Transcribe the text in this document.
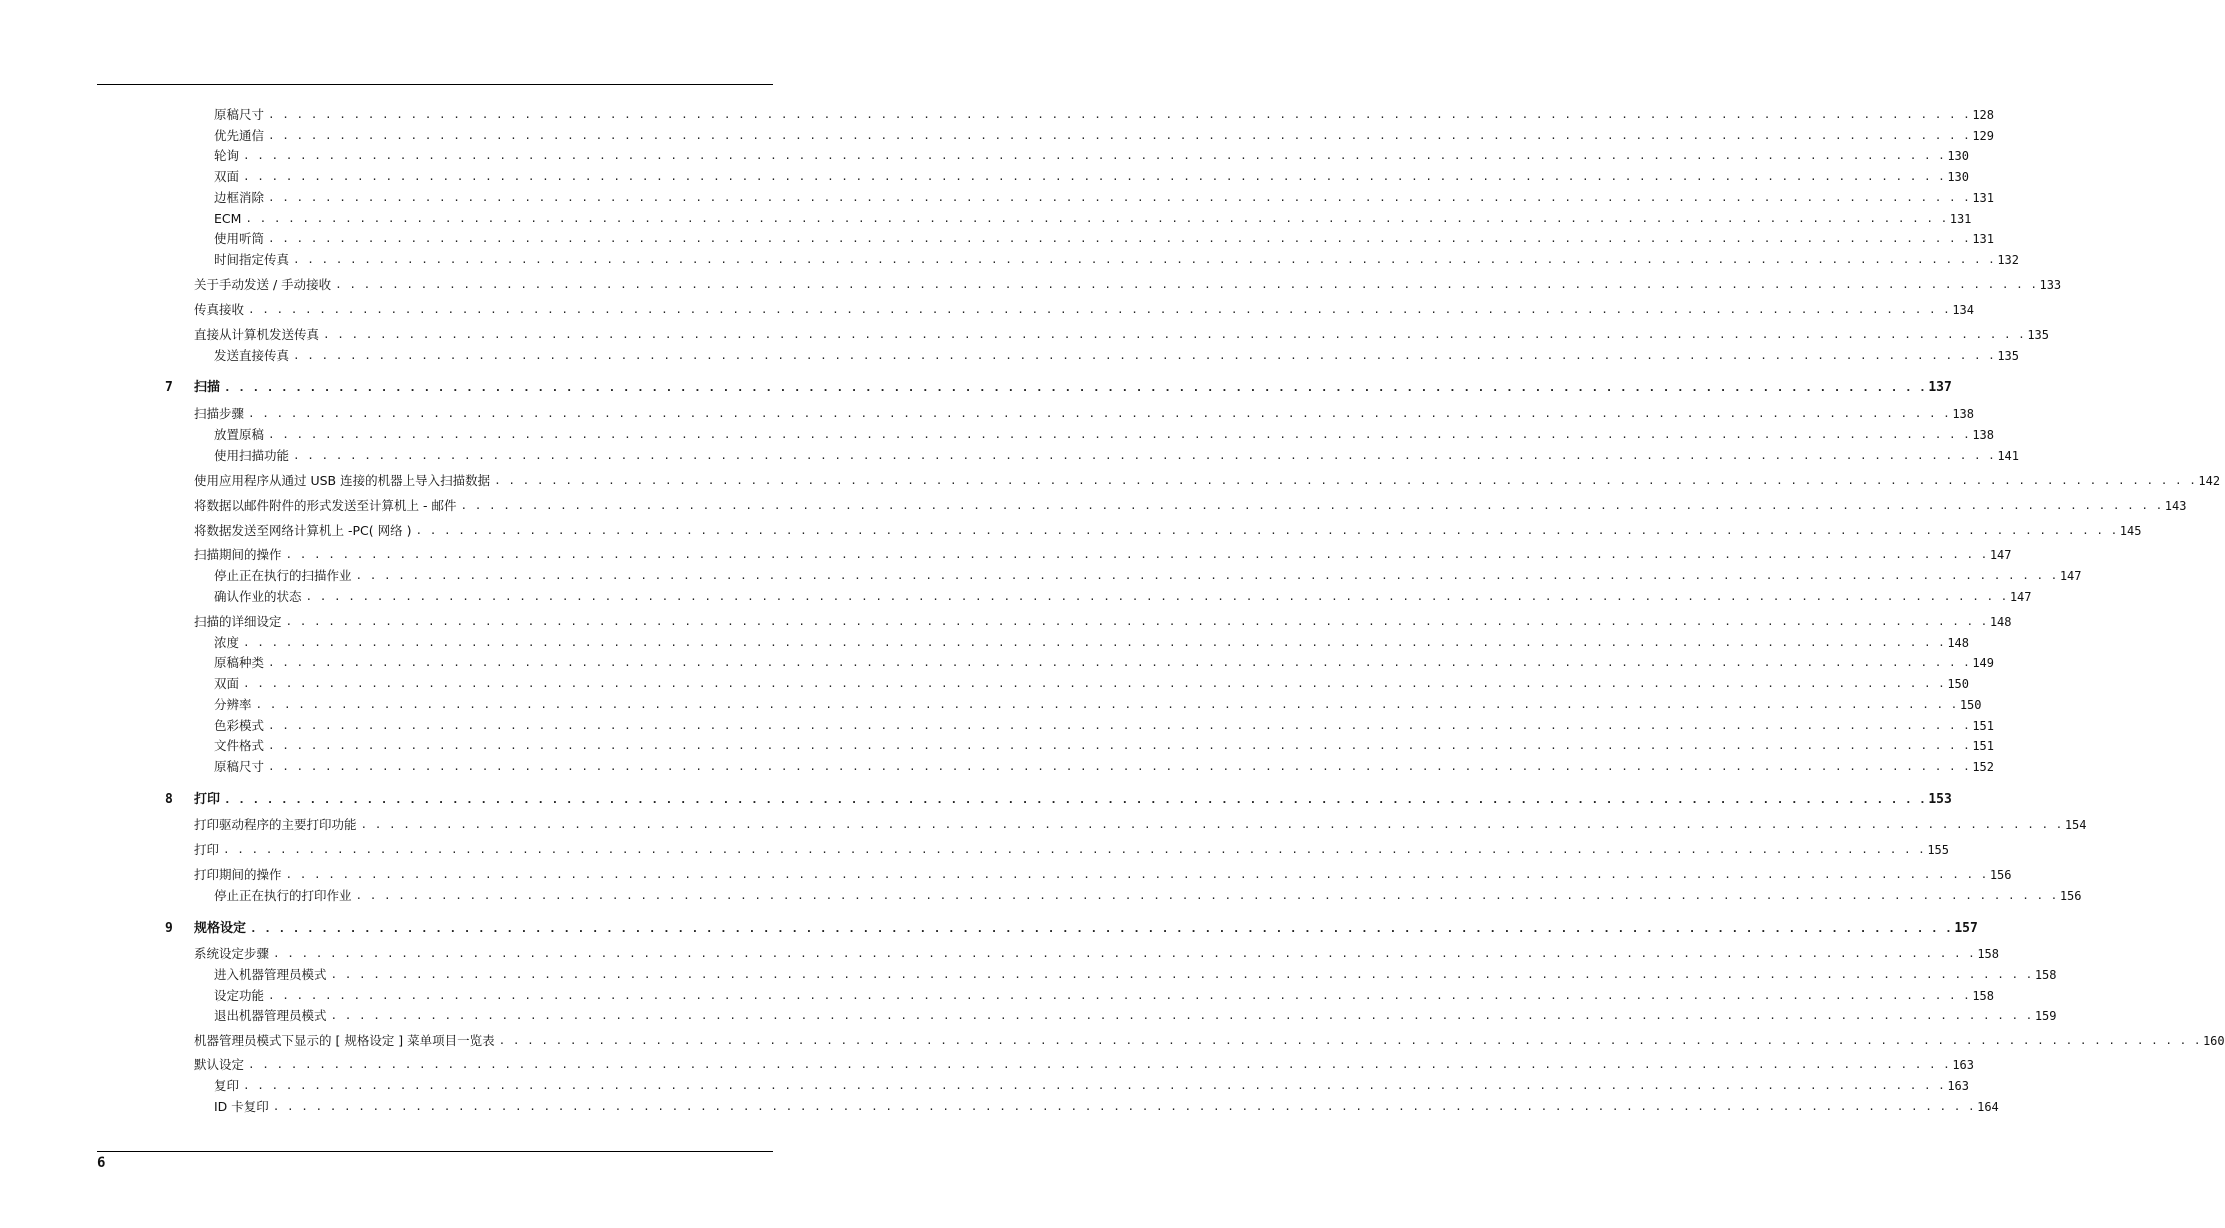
原稿尺寸 . . . . . . . . . . . . . . . . . . . . . . . . . . . . . . . . . . . . . . . . . . . . . . . . . . . . . . . . . . . . . . . . . . . . . . . . . . . . . . . . . . . . . . . . . . . . . . . . . . . . . . . . . . . . . . . . . . . . . . . . 128
优先通信 . . . . . . . . . . . . . . . . . . . . . . . . . . . . . . . . . . . . . . . . . . . . . . . . . . . . . . . . . . . . . . . . . . . . . . . . . . . . . . . . . . . . . . . . . . . . . . . . . . . . . . . . . . . . . . . . . . . . . . . . 129
轮询 . . . . . . . . . . . . . . . . . . . . . . . . . . . . . . . . . . . . . . . . . . . . . . . . . . . . . . . . . . . . . . . . . . . . . . . . . . . . . . . . . . . . . . . . . . . . . . . . . . . . . . . . . . . . . . . . . . . . . . . . 130
双面 . . . . . . . . . . . . . . . . . . . . . . . . . . . . . . . . . . . . . . . . . . . . . . . . . . . . . . . . . . . . . . . . . . . . . . . . . . . . . . . . . . . . . . . . . . . . . . . . . . . . . . . . . . . . . . . . . . . . . . . . 130
边框消除 . . . . . . . . . . . . . . . . . . . . . . . . . . . . . . . . . . . . . . . . . . . . . . . . . . . . . . . . . . . . . . . . . . . . . . . . . . . . . . . . . . . . . . . . . . . . . . . . . . . . . . . . . . . . . . . . . . . . . . . . 131
ECM . . . . . . . . . . . . . . . . . . . . . . . . . . . . . . . . . . . . . . . . . . . . . . . . . . . . . . . . . . . . . . . . . . . . . . . . . . . . . . . . . . . . . . . . . . . . . . . . . . . . . . . . . . . . . . . . . . . . . . . . 131
使用听筒 . . . . . . . . . . . . . . . . . . . . . . . . . . . . . . . . . . . . . . . . . . . . . . . . . . . . . . . . . . . . . . . . . . . . . . . . . . . . . . . . . . . . . . . . . . . . . . . . . . . . . . . . . . . . . . . . . . . . . . . . 131
时间指定传真 . . . . . . . . . . . . . . . . . . . . . . . . . . . . . . . . . . . . . . . . . . . . . . . . . . . . . . . . . . . . . . . . . . . . . . . . . . . . . . . . . . . . . . . . . . . . . . . . . . . . . . . . . . . . . . . . . . . . . . . . 132
关于手动发送 / 手动接收 . . . . . . . . . . . . . . . . . . . . . . . . . . . . . . . . . . . . . . . . . . . . . . . . . . . . . . . . . . . . . . . . . . . . . . . . . . . . . . . . . . . . . . . . . . . . . . . . . . . . . . . . . . . . . . . . . . . . . . . . 133
传真接收 . . . . . . . . . . . . . . . . . . . . . . . . . . . . . . . . . . . . . . . . . . . . . . . . . . . . . . . . . . . . . . . . . . . . . . . . . . . . . . . . . . . . . . . . . . . . . . . . . . . . . . . . . . . . . . . . . . . . . . . . 134
直接从计算机发送传真 . . . . . . . . . . . . . . . . . . . . . . . . . . . . . . . . . . . . . . . . . . . . . . . . . . . . . . . . . . . . . . . . . . . . . . . . . . . . . . . . . . . . . . . . . . . . . . . . . . . . . . . . . . . . . . . . . . . . . . . . 135
发送直接传真 . . . . . . . . . . . . . . . . . . . . . . . . . . . . . . . . . . . . . . . . . . . . . . . . . . . . . . . . . . . . . . . . . . . . . . . . . . . . . . . . . . . . . . . . . . . . . . . . . . . . . . . . . . . . . . . . . . . . . . . . 135
7	扫描 . . . . . . . . . . . . . . . . . . . . . . . . . . . . . . . . . . . . . . . . . . . . . . . . . . . . . . . . . . . . . . . . . . . . . . . . . . . . . . . . . . . . . . . . . . . . . . . . . . . . . . . . . . . . . . . . . . . . . . . . 137
扫描步骤 . . . . . . . . . . . . . . . . . . . . . . . . . . . . . . . . . . . . . . . . . . . . . . . . . . . . . . . . . . . . . . . . . . . . . . . . . . . . . . . . . . . . . . . . . . . . . . . . . . . . . . . . . . . . . . . . . . . . . . . . 138
放置原稿 . . . . . . . . . . . . . . . . . . . . . . . . . . . . . . . . . . . . . . . . . . . . . . . . . . . . . . . . . . . . . . . . . . . . . . . . . . . . . . . . . . . . . . . . . . . . . . . . . . . . . . . . . . . . . . . . . . . . . . . . 138
使用扫描功能 . . . . . . . . . . . . . . . . . . . . . . . . . . . . . . . . . . . . . . . . . . . . . . . . . . . . . . . . . . . . . . . . . . . . . . . . . . . . . . . . . . . . . . . . . . . . . . . . . . . . . . . . . . . . . . . . . . . . . . . . 141
使用应用程序从通过 USB 连接的机器上导入扫描数据 . . . . . . . . . . . . . . . . . . . . . . . . . . . . . . . . . . . . . . . . . . . . . . . . . . . . . . . . . . . . . . . . . . . . . . . . . . . . . . . . . . . . . . . . . . . . . . . . . . . . . . . . . . . . . . . . . . . . . . . . 142
将数据以邮件附件的形式发送至计算机上 - 邮件 . . . . . . . . . . . . . . . . . . . . . . . . . . . . . . . . . . . . . . . . . . . . . . . . . . . . . . . . . . . . . . . . . . . . . . . . . . . . . . . . . . . . . . . . . . . . . . . . . . . . . . . . . . . . . . . . . . . . . . . . 143
将数据发送至网络计算机上 -PC( 网络 ) . . . . . . . . . . . . . . . . . . . . . . . . . . . . . . . . . . . . . . . . . . . . . . . . . . . . . . . . . . . . . . . . . . . . . . . . . . . . . . . . . . . . . . . . . . . . . . . . . . . . . . . . . . . . . . . . . . . . . . . . 145
扫描期间的操作 . . . . . . . . . . . . . . . . . . . . . . . . . . . . . . . . . . . . . . . . . . . . . . . . . . . . . . . . . . . . . . . . . . . . . . . . . . . . . . . . . . . . . . . . . . . . . . . . . . . . . . . . . . . . . . . . . . . . . . . . 147
停止正在执行的扫描作业 . . . . . . . . . . . . . . . . . . . . . . . . . . . . . . . . . . . . . . . . . . . . . . . . . . . . . . . . . . . . . . . . . . . . . . . . . . . . . . . . . . . . . . . . . . . . . . . . . . . . . . . . . . . . . . . . . . . . . . . . 147
确认作业的状态 . . . . . . . . . . . . . . . . . . . . . . . . . . . . . . . . . . . . . . . . . . . . . . . . . . . . . . . . . . . . . . . . . . . . . . . . . . . . . . . . . . . . . . . . . . . . . . . . . . . . . . . . . . . . . . . . . . . . . . . . 147
扫描的详细设定 . . . . . . . . . . . . . . . . . . . . . . . . . . . . . . . . . . . . . . . . . . . . . . . . . . . . . . . . . . . . . . . . . . . . . . . . . . . . . . . . . . . . . . . . . . . . . . . . . . . . . . . . . . . . . . . . . . . . . . . . 148
浓度 . . . . . . . . . . . . . . . . . . . . . . . . . . . . . . . . . . . . . . . . . . . . . . . . . . . . . . . . . . . . . . . . . . . . . . . . . . . . . . . . . . . . . . . . . . . . . . . . . . . . . . . . . . . . . . . . . . . . . . . . 148
原稿种类 . . . . . . . . . . . . . . . . . . . . . . . . . . . . . . . . . . . . . . . . . . . . . . . . . . . . . . . . . . . . . . . . . . . . . . . . . . . . . . . . . . . . . . . . . . . . . . . . . . . . . . . . . . . . . . . . . . . . . . . . 149
双面 . . . . . . . . . . . . . . . . . . . . . . . . . . . . . . . . . . . . . . . . . . . . . . . . . . . . . . . . . . . . . . . . . . . . . . . . . . . . . . . . . . . . . . . . . . . . . . . . . . . . . . . . . . . . . . . . . . . . . . . . 150
分辨率 . . . . . . . . . . . . . . . . . . . . . . . . . . . . . . . . . . . . . . . . . . . . . . . . . . . . . . . . . . . . . . . . . . . . . . . . . . . . . . . . . . . . . . . . . . . . . . . . . . . . . . . . . . . . . . . . . . . . . . . . 150
色彩模式 . . . . . . . . . . . . . . . . . . . . . . . . . . . . . . . . . . . . . . . . . . . . . . . . . . . . . . . . . . . . . . . . . . . . . . . . . . . . . . . . . . . . . . . . . . . . . . . . . . . . . . . . . . . . . . . . . . . . . . . . 151
文件格式 . . . . . . . . . . . . . . . . . . . . . . . . . . . . . . . . . . . . . . . . . . . . . . . . . . . . . . . . . . . . . . . . . . . . . . . . . . . . . . . . . . . . . . . . . . . . . . . . . . . . . . . . . . . . . . . . . . . . . . . . 151
原稿尺寸 . . . . . . . . . . . . . . . . . . . . . . . . . . . . . . . . . . . . . . . . . . . . . . . . . . . . . . . . . . . . . . . . . . . . . . . . . . . . . . . . . . . . . . . . . . . . . . . . . . . . . . . . . . . . . . . . . . . . . . . . 152
8	打印 . . . . . . . . . . . . . . . . . . . . . . . . . . . . . . . . . . . . . . . . . . . . . . . . . . . . . . . . . . . . . . . . . . . . . . . . . . . . . . . . . . . . . . . . . . . . . . . . . . . . . . . . . . . . . . . . . . . . . . . . 153
打印驱动程序的主要打印功能 . . . . . . . . . . . . . . . . . . . . . . . . . . . . . . . . . . . . . . . . . . . . . . . . . . . . . . . . . . . . . . . . . . . . . . . . . . . . . . . . . . . . . . . . . . . . . . . . . . . . . . . . . . . . . . . . . . . . . . . . 154
打印 . . . . . . . . . . . . . . . . . . . . . . . . . . . . . . . . . . . . . . . . . . . . . . . . . . . . . . . . . . . . . . . . . . . . . . . . . . . . . . . . . . . . . . . . . . . . . . . . . . . . . . . . . . . . . . . . . . . . . . . . 155
打印期间的操作 . . . . . . . . . . . . . . . . . . . . . . . . . . . . . . . . . . . . . . . . . . . . . . . . . . . . . . . . . . . . . . . . . . . . . . . . . . . . . . . . . . . . . . . . . . . . . . . . . . . . . . . . . . . . . . . . . . . . . . . . 156
停止正在执行的打印作业 . . . . . . . . . . . . . . . . . . . . . . . . . . . . . . . . . . . . . . . . . . . . . . . . . . . . . . . . . . . . . . . . . . . . . . . . . . . . . . . . . . . . . . . . . . . . . . . . . . . . . . . . . . . . . . . . . . . . . . . . 156
9	规格设定 . . . . . . . . . . . . . . . . . . . . . . . . . . . . . . . . . . . . . . . . . . . . . . . . . . . . . . . . . . . . . . . . . . . . . . . . . . . . . . . . . . . . . . . . . . . . . . . . . . . . . . . . . . . . . . . . . . . . . . . . 157
系统设定步骤 . . . . . . . . . . . . . . . . . . . . . . . . . . . . . . . . . . . . . . . . . . . . . . . . . . . . . . . . . . . . . . . . . . . . . . . . . . . . . . . . . . . . . . . . . . . . . . . . . . . . . . . . . . . . . . . . . . . . . . . . 158
进入机器管理员模式 . . . . . . . . . . . . . . . . . . . . . . . . . . . . . . . . . . . . . . . . . . . . . . . . . . . . . . . . . . . . . . . . . . . . . . . . . . . . . . . . . . . . . . . . . . . . . . . . . . . . . . . . . . . . . . . . . . . . . . . . 158
设定功能 . . . . . . . . . . . . . . . . . . . . . . . . . . . . . . . . . . . . . . . . . . . . . . . . . . . . . . . . . . . . . . . . . . . . . . . . . . . . . . . . . . . . . . . . . . . . . . . . . . . . . . . . . . . . . . . . . . . . . . . . 158
退出机器管理员模式 . . . . . . . . . . . . . . . . . . . . . . . . . . . . . . . . . . . . . . . . . . . . . . . . . . . . . . . . . . . . . . . . . . . . . . . . . . . . . . . . . . . . . . . . . . . . . . . . . . . . . . . . . . . . . . . . . . . . . . . . 159
机器管理员模式下显示的 [ 规格设定 ] 菜单项目一览表 . . . . . . . . . . . . . . . . . . . . . . . . . . . . . . . . . . . . . . . . . . . . . . . . . . . . . . . . . . . . . . . . . . . . . . . . . . . . . . . . . . . . . . . . . . . . . . . . . . . . . . . . . . . . . . . . . . . . . . . . 160
默认设定 . . . . . . . . . . . . . . . . . . . . . . . . . . . . . . . . . . . . . . . . . . . . . . . . . . . . . . . . . . . . . . . . . . . . . . . . . . . . . . . . . . . . . . . . . . . . . . . . . . . . . . . . . . . . . . . . . . . . . . . . 163
复印 . . . . . . . . . . . . . . . . . . . . . . . . . . . . . . . . . . . . . . . . . . . . . . . . . . . . . . . . . . . . . . . . . . . . . . . . . . . . . . . . . . . . . . . . . . . . . . . . . . . . . . . . . . . . . . . . . . . . . . . . 163
ID 卡复印 . . . . . . . . . . . . . . . . . . . . . . . . . . . . . . . . . . . . . . . . . . . . . . . . . . . . . . . . . . . . . . . . . . . . . . . . . . . . . . . . . . . . . . . . . . . . . . . . . . . . . . . . . . . . . . . . . . . . . . . . 164
6
